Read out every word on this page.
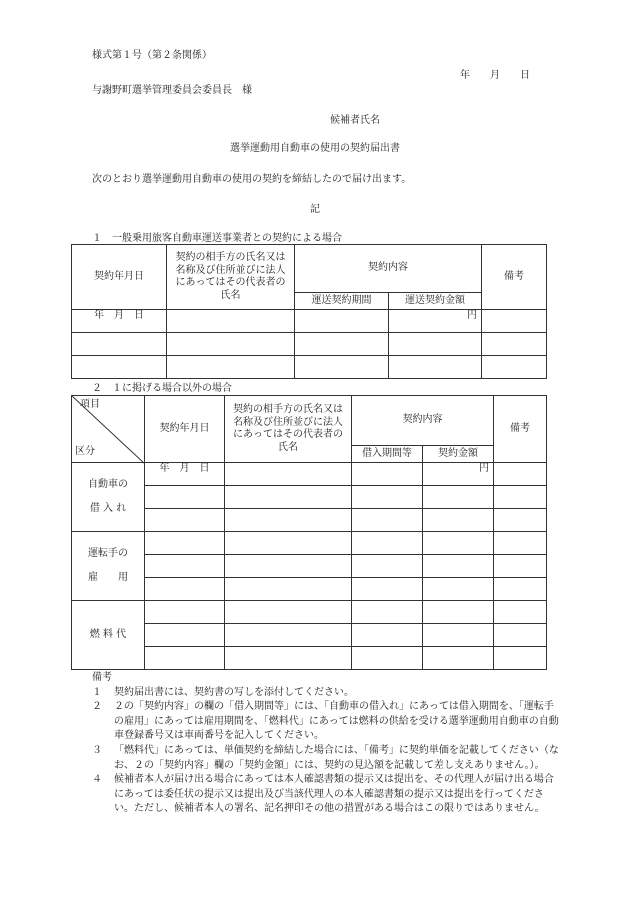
様式第１号（第２条関係）
年　　月　　日
与謝野町選挙管理委員会委員長　様
候補者氏名
選挙運動用自動車の使用の契約届出書
次のとおり選挙運動用自動車の使用の契約を締結したので届け出ます。
記
１　一般乗用旅客自動車運送事業者との契約による場合
契約年月日	契約の相手方の氏名又は名称及び住所並びに法人にあってはその代表者の氏名	契約内容		備考
		運送契約期間	運送契約金額	
年　月　日			円	

２　１に掲げる場合以外の場合
項目
区分	契約年月日	契約の相手方の氏名又は名称及び住所並びに法人にあってはその代表者の氏名	契約内容		備考
			借入期間等	契約金額	
自動車の
借 入 れ	年　月　日			円	

運転手の
雇　　用					

燃 料 代					

備考
１	契約届出書には、契約書の写しを添付してください。
２	２の「契約内容」の欄の「借入期間等」には、「自動車の借入れ」にあっては借入期間を、「運転手の雇用」にあっては雇用期間を、「燃料代」にあっては燃料の供給を受ける選挙運動用自動車の自動車登録番号又は車両番号を記入してください。
３	「燃料代」にあっては、単価契約を締結した場合には、「備考」に契約単価を記載してください（なお、２の「契約内容」欄の「契約金額」には、契約の見込額を記載して差し支えありません。）。
４	候補者本人が届け出る場合にあっては本人確認書類の提示又は提出を、その代理人が届け出る場合にあっては委任状の提示又は提出及び当該代理人の本人確認書類の提示又は提出を行ってください。ただし、候補者本人の署名、記名押印その他の措置がある場合はこの限りではありません。
